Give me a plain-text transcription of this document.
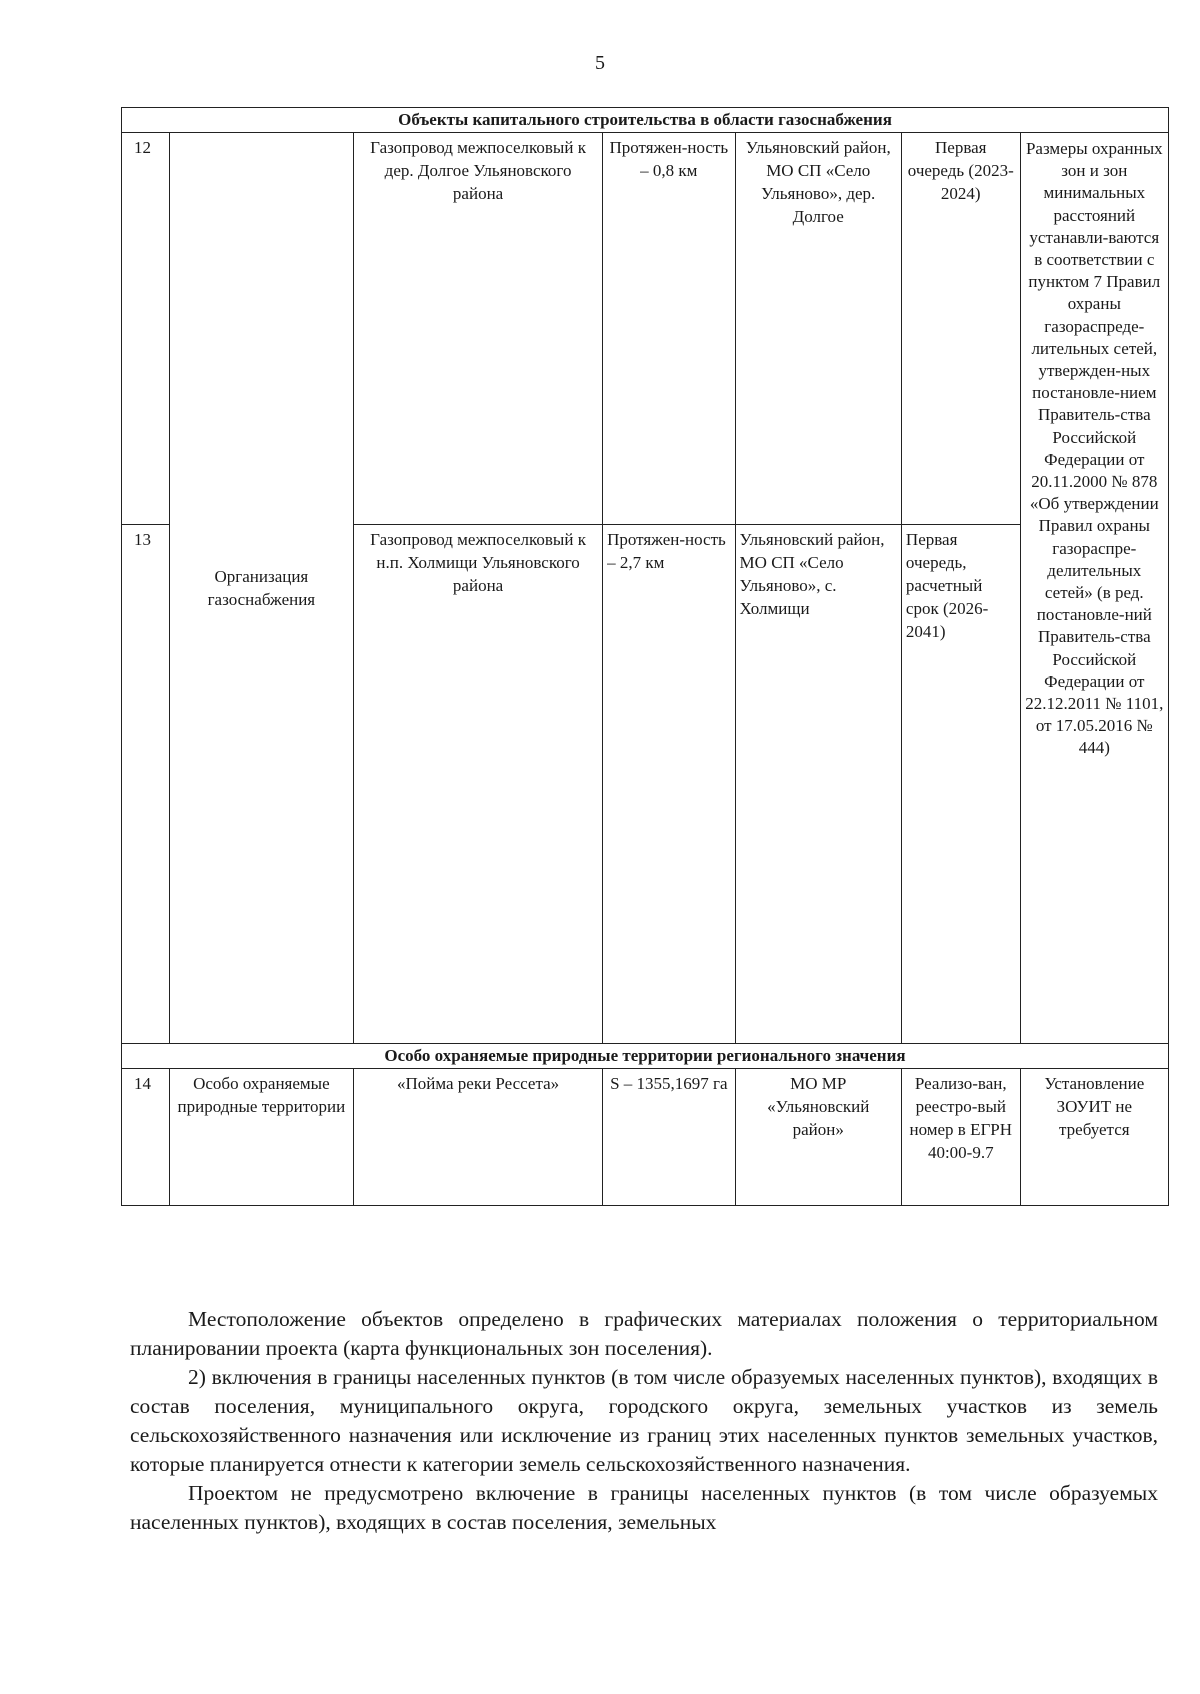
5
Объекты капитального строительства в области газоснабжения						
12	Организация газоснабжения	Газопровод межпоселковый к дер. Долгое Ульяновского района	Протяжен-ность – 0,8 км	Ульяновский район, МО СП «Село Ульяново», дер. Долгое	Первая очередь (2023-2024)	Размеры охранных зон и зон минимальных расстояний устанавли-ваются в соответствии с пунктом 7 Правил охраны газораспреде-лительных сетей, утвержден-ных постановле-нием Правитель-ства Российской Федерации от 20.11.2000 № 878 «Об утверждении Правил охраны газораспре-делительных сетей» (в ред. постановле-ний Правитель-ства Российской Федерации от 22.12.2011 № 1101, от 17.05.2016 № 444)
13		Газопровод межпоселковый к н.п. Холмищи Ульяновского района	Протяжен-ность – 2,7 км	Ульяновский район, МО СП «Село Ульяново», с. Холмищи	Первая очередь, расчетный срок (2026-2041)	
Особо охраняемые природные территории регионального значения						
14	Особо охраняемые природные территории	«Пойма реки Рессета»	S – 1355,1697 га	МО МР «Ульяновский район»	Реализо-ван, реестро-вый номер в ЕГРН 40:00-9.7	Установление ЗОУИТ не требуется

Местоположение объектов определено в графических материалах положения о территориальном планировании проекта (карта функциональных зон поселения).

2) включения в границы населенных пунктов (в том числе образуемых населенных пунктов), входящих в состав поселения, муниципального округа, городского округа, земельных участков из земель сельскохозяйственного назначения или исключение из границ этих населенных пунктов земельных участков, которые планируется отнести к категории земель сельскохозяйственного назначения.

Проектом не предусмотрено включение в границы населенных пунктов (в том числе образуемых населенных пунктов), входящих в состав поселения, земельных
